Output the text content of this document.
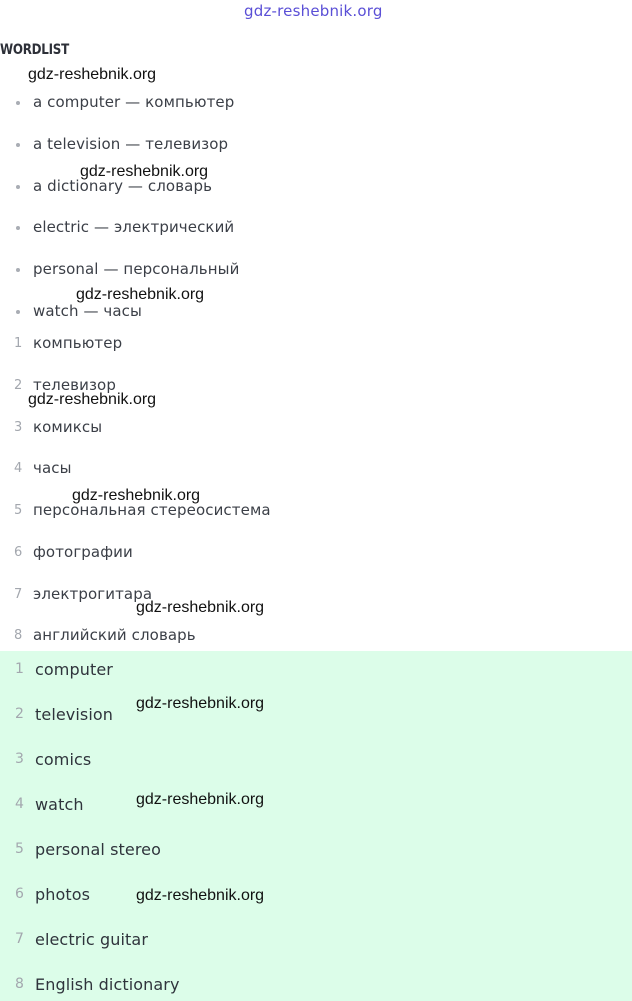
gdz-reshebnik.org
WORDLIST
a computer — компьютер
a television — телевизор
a dictionary — словарь
electric — электрический
personal — персональный
watch — часы
1 компьютер
2 телевизор
3 комиксы
4 часы
5 персональная стереосистема
6 фотографии
7 электрогитара
8 английский словарь
1 computer
2 television
3 comics
4 watch
5 personal stereo
6 photos
7 electric guitar
8 English dictionary
gdz-reshebnik.org
gdz-reshebnik.org
gdz-reshebnik.org
gdz-reshebnik.org
gdz-reshebnik.org
gdz-reshebnik.org
gdz-reshebnik.org
gdz-reshebnik.org
gdz-reshebnik.org
